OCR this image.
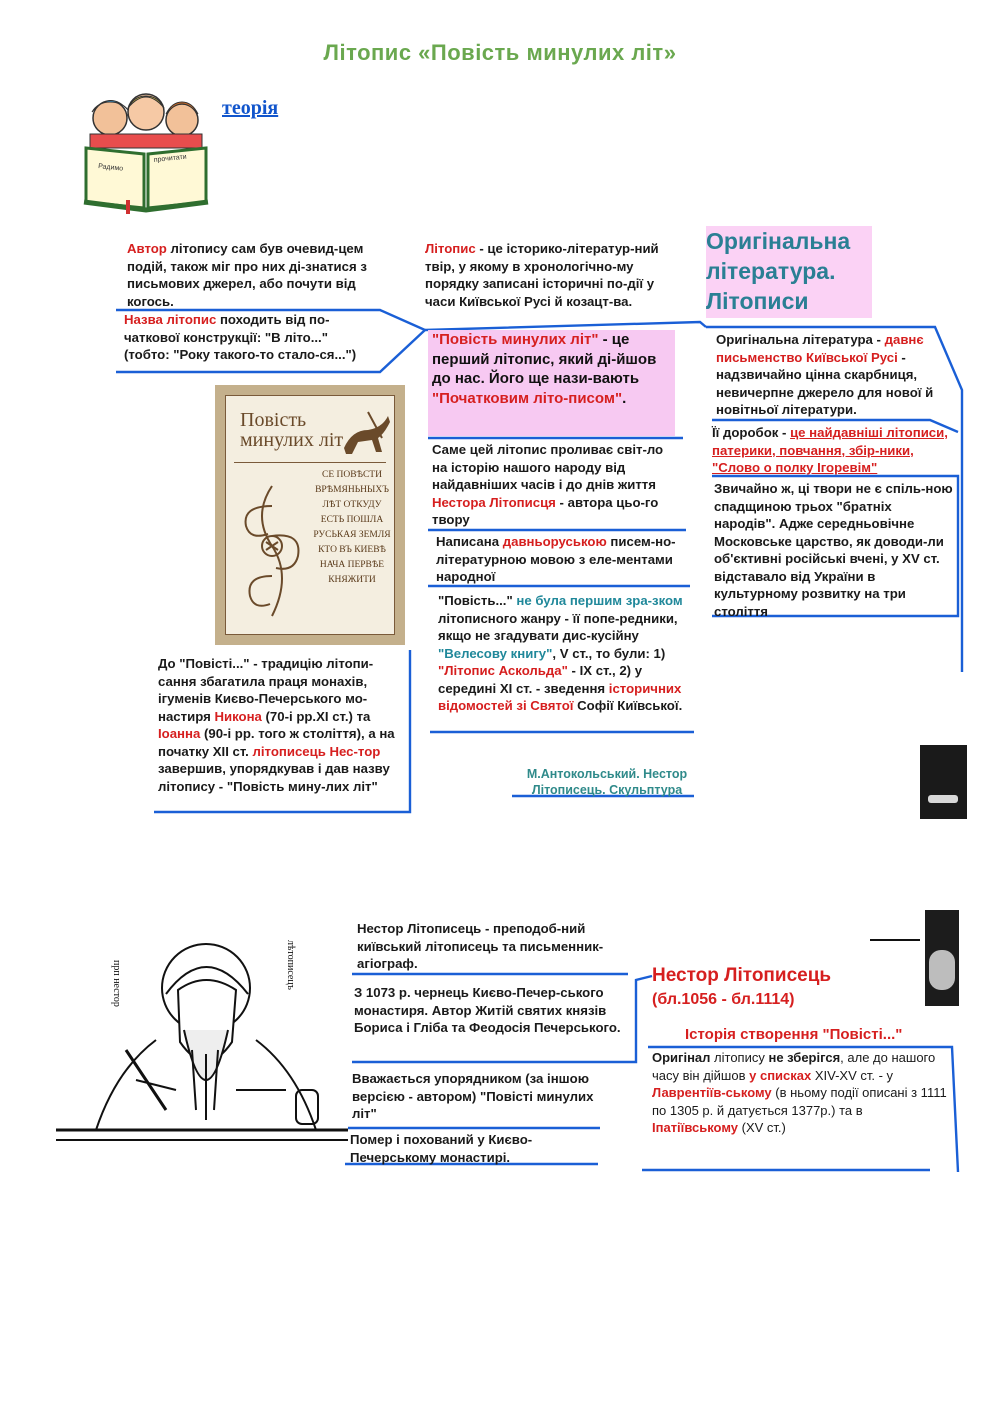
Літопис «Повість минулих літ»
Радимо
прочитати
теорія
Автор літопису сам був очевид-цем подій, також міг про них ді-знатися з письмових джерел, або почути від когось.
Назва літопис походить від по-чаткової конструкції: "В літо..." (тобто: "Року такого-то стало-ся...")
Повість минулих літ
СЕ ПОВѢСТИ ВРѢМЯНЬНЫХЪ ЛѢТ ОТКУДУ ЕСТЬ ПОШЛА РУСЬКАЯ ЗЕМЛЯ КТО ВЪ КИЕВѢ НАЧА ПЕРВѢЕ КНЯЖИТИ
До "Повісті..." - традицію літопи-сання збагатила праця монахів, ігуменів Києво-Печерського мо-настиря Никона (70-і рр.ХІ ст.) та Іоанна (90-і рр. того ж століття), а на початку ХІІ ст. літописець Нес-тор завершив, упорядкував і дав назву літопису - "Повість мину-лих літ"
Літопис - це історико-літератур-ний твір, у якому в хронологічно-му порядку записані історичні по-дії у часи Київської Русі й козацт-ва.
"Повість минулих літ" - це перший літопис, який ді-йшов до нас. Його ще нази-вають "Початковим літо-писом".
Саме цей літопис проливає світ-ло на історію нашого народу від найдавніших часів і до днів життя Нестора Літописця - автора цьо-го твору
Написана давньоруською писем-но-літературною мовою з еле-ментами народної
"Повість..." не була першим зра-зком літописного жанру - її попе-редники, якщо не згадувати дис-кусійну "Велесову книгу", V ст., то були: 1) "Літопис Аскольда" - ІХ ст., 2) у середині ХІ ст. - зведення історичних відомостей зі Святої Софії Київської.
М.Антокольський. Нестор Літописець. Скульптура
Оригінальна література. Літописи
Оригінальна література - давнє письменство Київської Русі - надзвичайно цінна скарбниця, невичерпне джерело для нової й новітньої літератури.
Її доробок - це найдавніші літописи, патерики, повчання, збір-ники, "Слово о полку Ігоревім"
Звичайно ж, ці твори не є спіль-ною спадщиною трьох "братніх народів". Адже середньовічне Московське царство, як доводи-ли об'єктивні російські вчені, у XV ст. відставало від України в культурному розвитку на три століття
прп нестор	лѣтописецъ
Нестор Літописець - преподоб-ний київський літописець та письменник-агіограф.
З 1073 р. чернець Києво-Печер-ського монастиря. Автор Житій святих князів Бориса і Гліба та Феодосія Печерського.
Вважається упорядником (за іншою версією - автором) "Повісті минулих літ"
Помер і похований у Києво-Печерському монастирі.
Нестор Літописець
(бл.1056 - бл.1114)
Історія створення "Повісті..."
Оригінал літопису не зберігся, але до нашого часу він дійшов у списках XIV-XV ст. - у Лаврентіїв-ському (в ньому події описані з 1111 по 1305 р. й датується 1377р.) та в Іпатіївському (XV ст.)
